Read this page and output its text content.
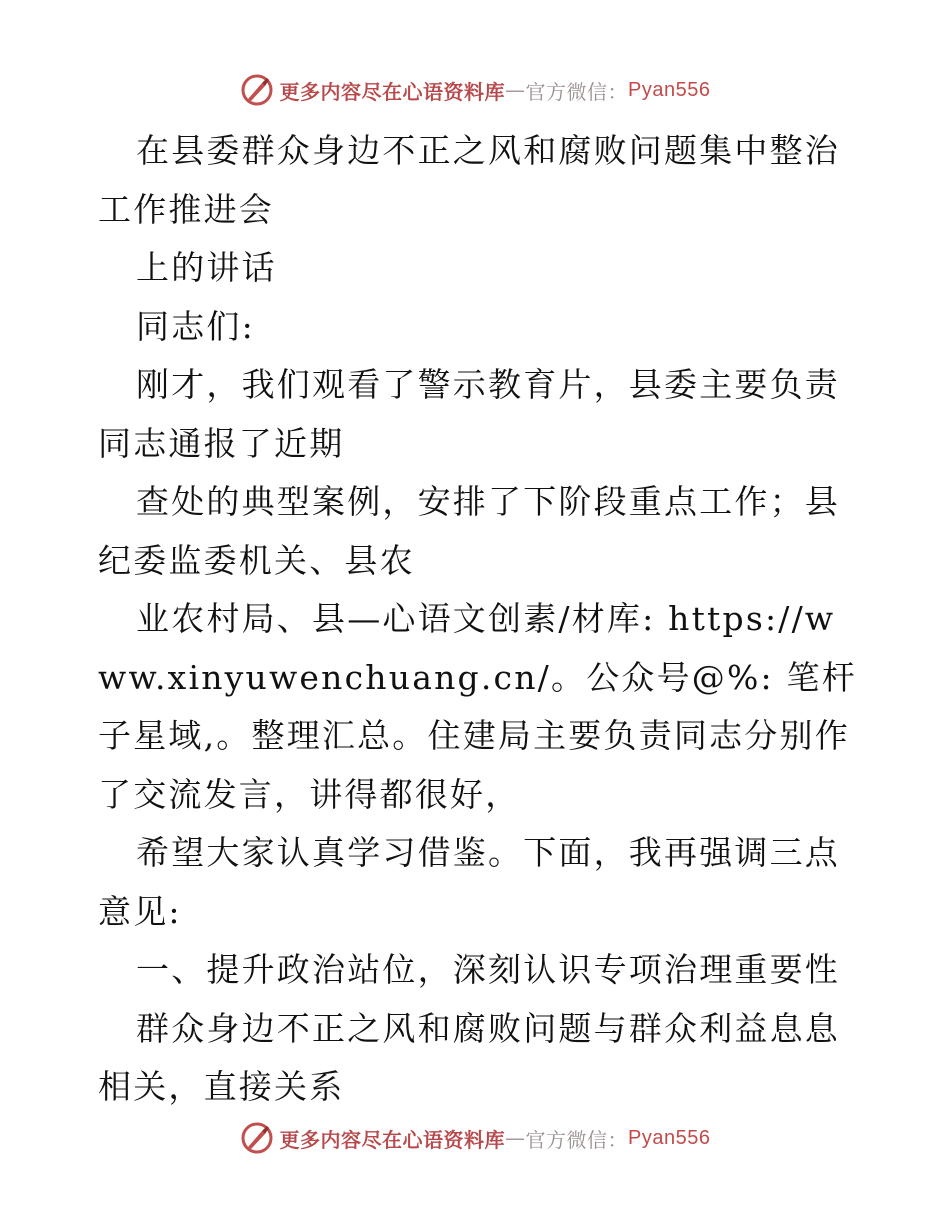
更多内容尽在心语资料库 — 官方微信： Pyan556

在县委群众身边不正之风和腐败问题集中整治工作推进会

上的讲话

同志们:

刚才，我们观看了警示教育片，县委主要负责同志通报了近期

查处的典型案例，安排了下阶段重点工作；县纪委监委机关、县农

业农村局、县—心语文创素/材库: https://www.xinyuwenchuang.cn/。公众号@%: 笔杆子星域,。整理汇总。住建局主要负责同志分别作了交流发言，讲得都很好，

希望大家认真学习借鉴。下面，我再强调三点意见:

一、提升政治站位，深刻认识专项治理重要性

群众身边不正之风和腐败问题与群众利益息息相关，直接关系

更多内容尽在心语资料库 — 官方微信： Pyan556
